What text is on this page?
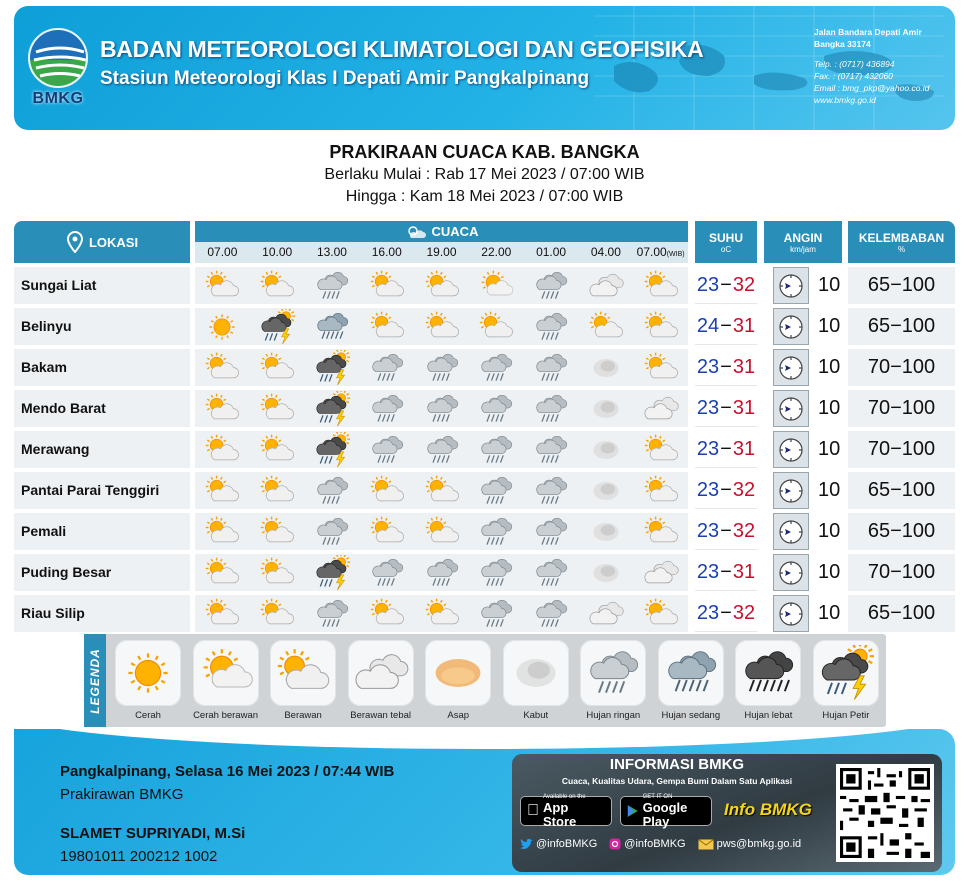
BMKG
BADAN METEOROLOGI KLIMATOLOGI DAN GEOFISIKA
Stasiun Meteorologi Klas I Depati Amir Pangkalpinang
Jalan Bandara Depati Amir
Bangka 33174
Telp. : (0717) 436894
Fax. : (0717) 432060
Email : bmg_pkp@yahoo.co.id
www.bmkg.go.id
PRAKIRAAN CUACA KAB. BANGKA
Berlaku Mulai : Rab 17 Mei 2023 / 07:00 WIB
Hingga : Kam 18 Mei 2023 / 07:00 WIB
LOKASI
CUACA
07.00	10.00	13.00	16.00	19.00	22.00	01.00	04.00	07.00(WIB)
SUHU
oC
ANGIN
km/jam
KELEMBABAN
%
Sungai Liat	23 − 32	10	65−100
Belinyu	24 − 31	10	65−100
Bakam	23 − 31	10	70−100
Mendo Barat	23 − 31	10	70−100
Merawang	23 − 31	10	70−100
Pantai Parai Tenggiri	23 − 32	10	65−100
Pemali	23 − 32	10	65−100
Puding Besar	23 − 31	10	70−100
Riau Silip	23 − 32	10	65−100
LEGENDA
Cerah	Cerah berawan	Berawan	Berawan tebal	Asap	Kabut	Hujan ringan	Hujan sedang	Hujan lebat	Hujan Petir
Pangkalpinang, Selasa 16 Mei 2023 / 07:44 WIB
Prakirawan BMKG
SLAMET SUPRIYADI, M.Si
19801011 200212 1002
INFORMASI BMKG
Cuaca, Kualitas Udara, Gempa Bumi Dalam Satu Aplikasi
Available on the
App Store
GET IT ON
Google Play
Info BMKG
@infoBMKG @infoBMKG	pws@bmkg.go.id
